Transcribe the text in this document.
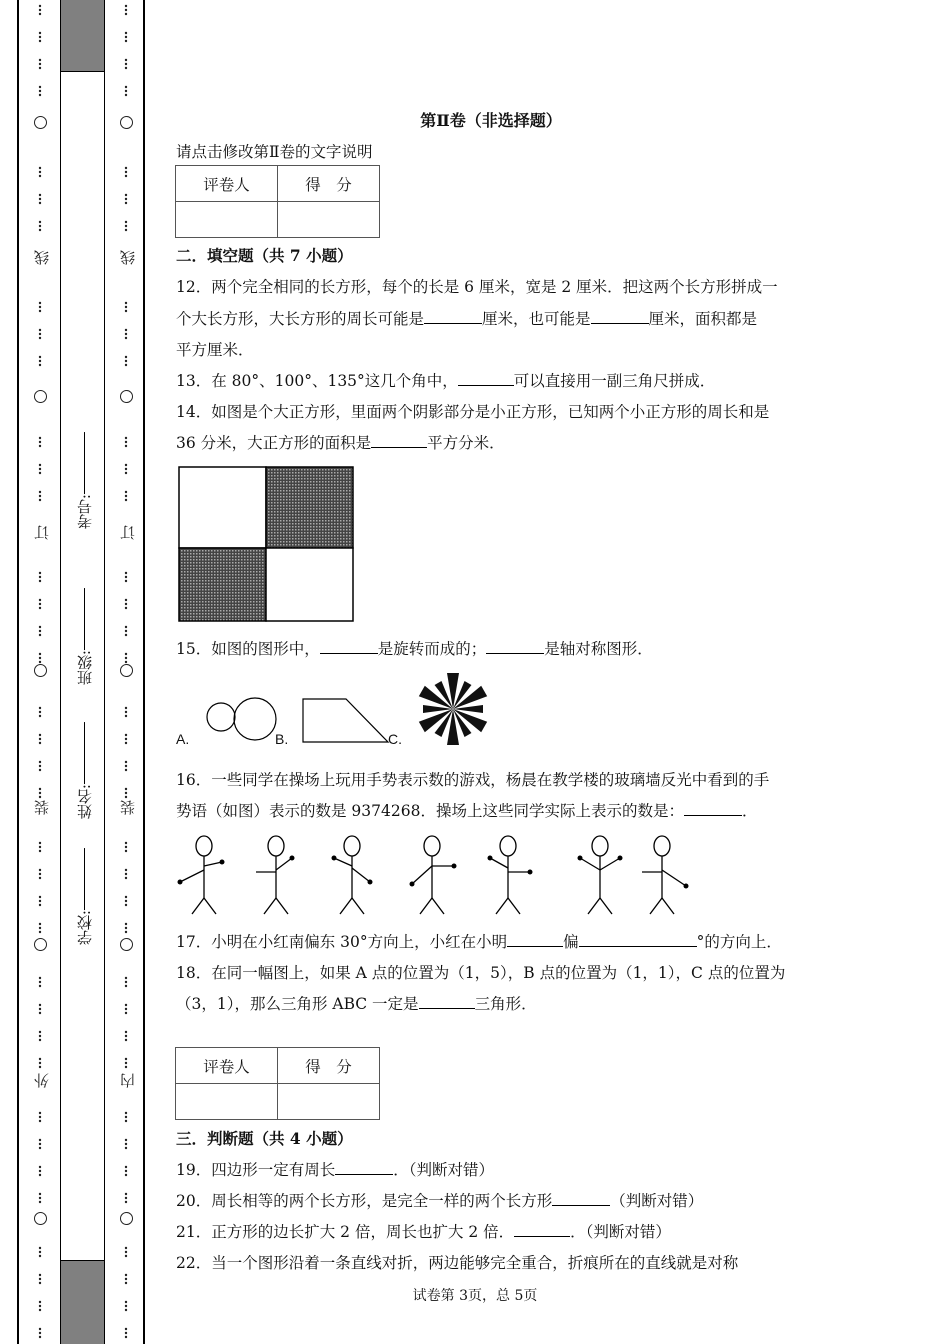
线
订
装
外
线
订
装
内
考号:
班级:
姓名:
学校:
第Ⅱ卷（非选择题）
请点击修改第Ⅱ卷的文字说明
评卷人	得　分

二．填空题（共 7 小题）
12．两个完全相同的长方形，每个的长是 6 厘米，宽是 2 厘米．把这两个长方形拼成一
个大长方形，大长方形的周长可能是	厘米，也可能是	厘米，面积都是
平方厘米．
13．在 80°、100°、135°这几个角中，	可以直接用一副三角尺拼成．
14．如图是个大正方形，里面两个阴影部分是小正方形，已知两个小正方形的周长和是
36 分米，大正方形的面积是	平方分米．
15．如图的图形中，	是旋转而成的；	是轴对称图形．
A.	B.	C.
16．一些同学在操场上玩用手势表示数的游戏，杨晨在教学楼的玻璃墙反光中看到的手
势语（如图）表示的数是 9374268．操场上这些同学实际上表示的数是：	．
17．小明在小红南偏东 30°方向上，小红在小明	偏	°的方向上．
18．在同一幅图上，如果 A 点的位置为（1，5），B 点的位置为（1，1），C 点的位置为
（3，1），那么三角形 ABC 一定是	三角形．
评卷人	得　分

三．判断题（共 4 小题）
19．四边形一定有周长	．（判断对错）
20．周长相等的两个长方形，是完全一样的两个长方形	（判断对错）
21．正方形的边长扩大 2 倍，周长也扩大 2 倍．	．（判断对错）
22．当一个图形沿着一条直线对折，两边能够完全重合，折痕所在的直线就是对称
试卷第 3页，总 5页
